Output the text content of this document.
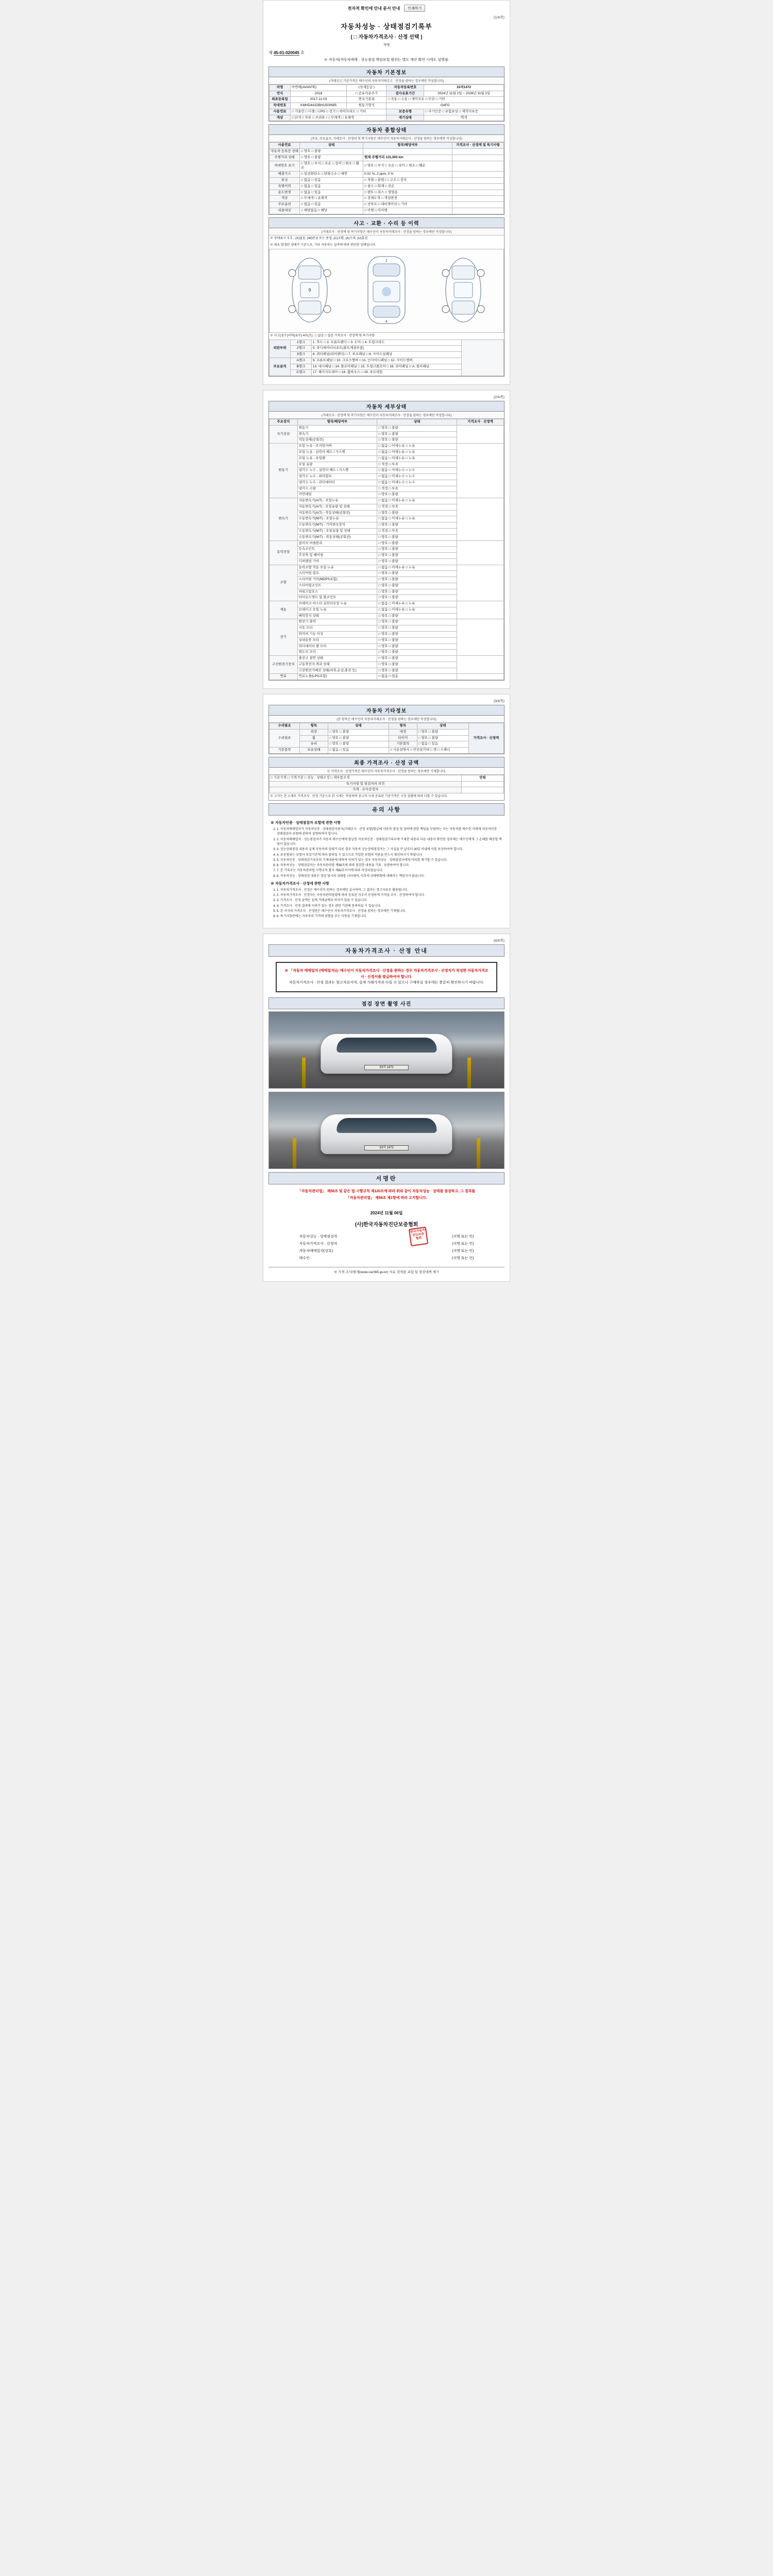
전자적 확인에 안내 문서 안내	인쇄하기
(1/4쪽)
자동차성능 · 상태점검기록부
( □ 자동차가격조사 · 산정 선택 )
차명
제 45-01-020045 호
※ 자동차(자동차매매 · 성능점검 책임보험 범위는 별도 계산 확인 시에도 설명됨.
자동차 기본정보
(거래신고 기준가격은 매수인의 자동차거래신고 · 산정을 원하는 경우에만 작성합니다)
차명	아반떼(AVANTE)	(상세등급 )	자동차등록번호	33저1472
연식	2018	□ 공유사용주기	검사유효기간	2024년 11월 2일 ~ 2026년 11월 1일
최초등록일	2017-11-03	변속기종류	□ 자동 □ 수동 □ 세미오토 □ 무단 □ 기타	
차대번호	KMHD441DBHU500695	원동기형식	G4FG	
사용연료	□ 가솔린 □ 디젤 □ LPG □ 전기 □ 하이브리드 □ 기타		보증유형	□ 자기인증 □ 보험보상 □ 제작사보증
색상	□ 단색 □ 투톤 □ 쓰리톤 / □ 무채색 □ 유채색		계기상태	백색
자동차 종합상태
(주요, 주요골조, 거래조사 · 산정의 및 복기사항은 매수인이 자동차거래조사 · 산정을 원하는 경우에만 작성합니다)
사용연료	상태	항목/해당여부	가격조사 · 산정액 및 특기사항
자동차 등록증 상태	□ 양호 □ 불량		
주행거리 상태	□ 양호 □ 불량	현재 주행거리 115,300 km	
차대번호 표기	□ 양호 □ 부식 □ 오손 □ 상이 □ 변조 □ 훼손	□ 양호 □ 부식 □ 오손 □ 상이 □ 변조 □ 훼손	
배출가스	□ 일산화탄소 □ 탄화수소 □ 매연	0.02 %, 2 ppm, 0 %	
튜닝	□ 없음 □ 있음	□ 적법 □ 불법 / □ 구조 □ 장치	
특별이력	□ 없음 □ 있음	□ 침수 □ 화재 □ 전손	
용도변경	□ 없음 □ 있음	□ 렌트 □ 리스 □ 영업용	
색상	□ 무채색 □ 유채색	□ 전체도색 □ 색상변경	
주요옵션	□ 없음 □ 있음	□ 선루프 □ 내비게이션 □ 기타	
리콜대상	□ 해당없음 □ 해당	□ 이행 □ 미이행	
사고 · 교환 · 수리 등 이력
(거래조사 · 산정액 및 복기사항은 매수인이 자동차거래조사 · 산정을 원하는 경우에만 작성합니다)
※ 상태표시 부호 : (X)없음, (W)판금 또는 용접, (C)교환, (A)수리, (U)흠집
※ 최초 발생된 상태가 기준으로, 기타 자동차는 실측에 따라 판단한 상태입니다.
9
1
4
※ 사고(침수)이력(유무) 4부(조) : □ 없음 □ 있음 가격조사 · 산정액 및 특기사항
외판부위	1랭크	1. 후드 □ 2. 프론트펜더 □ 3. 도어 □ 4. 트렁크리드	
	2랭크	5. 라디에이터서포트(볼트체결부품)	
	3랭크	6. 쿼터패널(리어펜더) □ 7. 루프패널 □ 8. 사이드실패널	
주요골격	A랭크	9. 프론트패널 □ 10. 크로스멤버 □ 11. 인사이드패널 □ 12. 사이드멤버	
	B랭크	13. 대시패널 □ 14. 플로어패널 □ 15. 트렁크플로어 □ 16. 리어패널 □ A. 필러패널	
	C랭크	17. 패키지트레이 □ 18. 휠하우스 □ 19. 루프레일	
(2/4쪽)
자동차 세부상태
(거래조사 · 산정액 및 복기사항은 매수인이 자동차거래조사 · 산정을 원하는 경우에만 작성합니다)
주요장치	항목/해당여부	상태	가격조사 · 산정액
자기진단	원동기	□ 양호 □ 불량	
	변속기	□ 양호 □ 불량	
	작동상태(공회전)	□ 양호 □ 불량	
원동기	오일 누유 - 로커암커버	□ 없음 □ 미세누유 □ 누유	
	오일 누유 - 실린더 헤드 / 가스켓	□ 없음 □ 미세누유 □ 누유	
	오일 누유 - 오일팬	□ 없음 □ 미세누유 □ 누유	
	오일 유량	□ 적정 □ 부족	
	냉각수 누수 - 실린더 헤드 / 가스켓	□ 없음 □ 미세누수 □ 누수	
	냉각수 누수 - 워터펌프	□ 없음 □ 미세누수 □ 누수	
	냉각수 누수 - 라디에이터	□ 없음 □ 미세누수 □ 누수	
	냉각수 수량	□ 적정 □ 부족	
	커먼레일	□ 양호 □ 불량	
변속기	자동변속기(A/T) - 오일누유	□ 없음 □ 미세누유 □ 누유	
	자동변속기(A/T) - 오일유량 및 상태	□ 적정 □ 부족	
	자동변속기(A/T) - 작동상태(공회전)	□ 양호 □ 불량	
	수동변속기(M/T) - 오일누유	□ 없음 □ 미세누유 □ 누유	
	수동변속기(M/T) - 기어변속장치	□ 양호 □ 불량	
	수동변속기(M/T) - 오일유량 및 상태	□ 적정 □ 부족	
	수동변속기(M/T) - 작동상태(공회전)	□ 양호 □ 불량	
동력전달	클러치 어셈블리	□ 양호 □ 불량	
	등속조인트	□ 양호 □ 불량	
	추진축 및 베어링	□ 양호 □ 불량	
	디퍼렌셜 기어	□ 양호 □ 불량	
조향	동력조향 작동 오일 누유	□ 없음 □ 미세누유 □ 누유	
	스티어링 펌프	□ 양호 □ 불량	
	스티어링 기어(MDPS포함)	□ 양호 □ 불량	
	스티어링조인트	□ 양호 □ 불량	
	파워고압호스	□ 양호 □ 불량	
	타이로드엔드 및 볼조인트	□ 양호 □ 불량	
제동	브레이크 마스터 실린더오일 누유	□ 없음 □ 미세누유 □ 누유	
	브레이크 오일 누유	□ 없음 □ 미세누유 □ 누유	
	배력장치 상태	□ 양호 □ 불량	
전기	발전기 출력	□ 양호 □ 불량	
	시동 모터	□ 양호 □ 불량	
	와이퍼 기능 이상	□ 양호 □ 불량	
	실내송풍 모터	□ 양호 □ 불량	
	라디에이터 팬 모터	□ 양호 □ 불량	
	윈도우 모터	□ 양호 □ 불량	
고전원전기장치	충전구 절연 상태	□ 양호 □ 불량	
	구동축전지 격리 상태	□ 양호 □ 불량	
	고전원전기배선 상태(피복,손상,충전 등)	□ 양호 □ 불량	
연료	연료누출(LPG포함)	□ 없음 □ 있음	
(3/4쪽)
자동차 기타정보
(본 항목은 매수인이 자동차거래조사 · 산정을 원하는 경우에만 작성합니다)
수리필요	항목	상태	항목	상태	가격조사 · 산정액
수리필요	외장	□ 양호 □ 불량	내장	□ 양호 □ 불량	
	휠	□ 양호 □ 불량	타이어	□ 양호 □ 불량	
	유리	□ 양호 □ 불량	기본품목	□ 없음 □ 있음	
기본품목	보유상태	□ 없음 □ 있음	□ 사용설명서 □ 안전삼각대 □ 잭 □ 스패너		
최종 가격조사 · 산정 금액
※ 가격조사 · 산정가격은 매수인이 자동차가격조사 · 산정을 원하는 경우에만 기재합니다.
□ 기준가격 □ 가격가감 □ 성능 · 상태조정 □ 제부품조정	만원
특기사항 및 점검자의 의견	
가격 · 조사산정자	
※ 고지는 본 소재로 가격조사 · 산정 기준으로 한 시세는 적정하며 중고차 시세 공표된 기준가격은 시장 상황에 따라 다를 수 있습니다.
유의 사항
※ 자동차인증 · 상태점검자 보험에 관한 사항
1. 1. 자동차매매업자가 자동차인증 · 상태점검자용자(거래조사 · 산정 포함)발급에 자동차 점검 및 정비에 관한 책임을 부담하는 자는 자동차를 매수한 자에게 자동차인증 · 상태점검자 보험에 관하여 설명하여야 합니다.
2. 2. 자동차매매업자 · 성능점검자가 자동차 매수인에게 발급한 자동차인증 · 상태점검기록부에 기재된 내용과 다른 내용이 확인된 경우에는 매수인에게 그 손해를 배상할 책임이 있습니다.
3. 3. 성능상태점검 내용과 실제 자동차의 상태가 다른 경우 자동차 성능상태점검자는 그 사실을 안 날부터 30일 이내에 이를 보상하여야 합니다.
4. 4. 보증범위는 보험사 보상기준에 따라 달라질 수 있으므로 가입한 보험의 약관을 반드시 확인하시기 바랍니다.
5. 5. 자동차인증 · 상태점검기록부의 기재내용에 대하여 이의가 있는 경우 자동차성능 · 상태점검자에게 이의를 제기할 수 있습니다.
6. 6. 자동차성능 · 상태점검자는 자동차관리법 제58조에 따라 점검한 내용을 기록 · 보관하여야 합니다.
7. 7. 본 기록부는 자동차관리법 시행규칙 별지 제82호서식에 따라 작성되었습니다.
8. 8. 자동차성능 · 상태점검 내용은 점검 당시의 상태를 나타내며, 이후의 상태변화에 대해서는 책임지지 않습니다.
※ 자동차가격조사 · 산정에 관한 사항
1. 1. 자동차가격조사 · 산정은 매수인이 원하는 경우에만 실시하며, 그 결과는 참고자료로 활용됩니다.
2. 2. 자동차가격조사 · 산정자는 자동차관리법령에 따라 등록된 자로서 공정하게 가격을 조사 · 산정하여야 합니다.
3. 3. 가격조사 · 산정 금액은 실제 거래금액과 차이가 있을 수 있습니다.
4. 4. 가격조사 · 산정 결과에 이의가 있는 경우 관련 기관에 문의하실 수 있습니다.
5. 5. 본 서식의 가격조사 · 산정란은 매수인이 자동차가격조사 · 산정을 원하는 경우에만 기재됩니다.
6. 6. 특기사항란에는 자동차의 가격에 영향을 주는 사항을 기재합니다.
(4/4쪽)
자동차가격조사 · 산정 안내
※ 「자동차 매매업자 (매매업자)는 매수인이 자동차가격조사 · 산정을 원하는 경우 자동차가격조사 · 산정자가 작성한 자동차가격조사 · 산정서를 발급하여야 합니다.
자동차가격조사 · 산정 결과는 참고자료이며, 실제 거래가격과 다를 수 있으니 구매하실 경우에는 충분히 확인하시기 바랍니다.
점검 장면 촬영 사진
33저 1472
33저 1472
서명란
「자동차관리법」 제58조 및 같은 법 시행규칙 제120조에 따라 위와 같이 자동차성능 · 상태를 점검하고, 그 결과를
「자동차관리법」 제58조 제1항에 따라 고지합니다.
2024년 11월 06일
(사)한국자동차진단보증협회
자동차성능 · 상태점검자	(서명 또는 인)
자동차가격조사 · 산정자	(서명 또는 인)
자동차매매업자(상호)	(서명 또는 인)
매수인	(서명 또는 인)
한국자동차 진단보증 협회
※ 가격 조사/원제(www.car365.go.kr) 자료 검색을 포함 및 점검대책 제기
